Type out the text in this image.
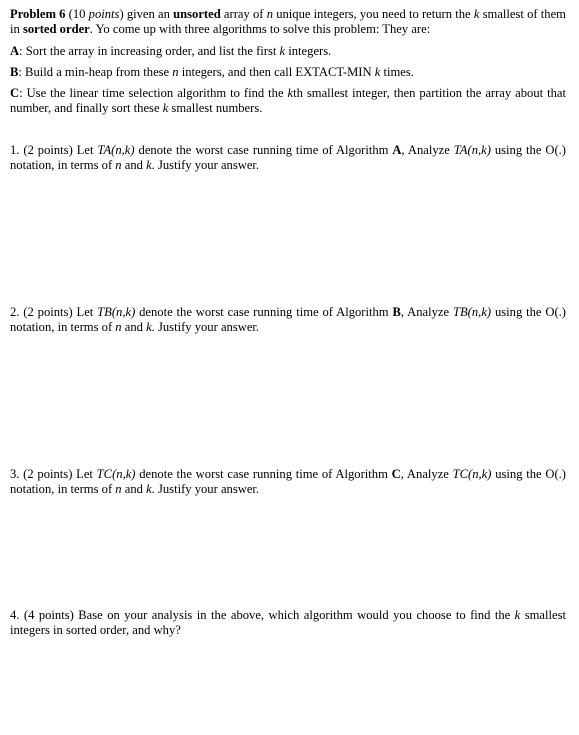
Problem 6 (10 points) given an unsorted array of n unique integers, you need to return the k smallest of them in sorted order. Yo come up with three algorithms to solve this problem: They are:

A: Sort the array in increasing order, and list the first k integers.

B: Build a min-heap from these n integers, and then call EXTACT-MIN k times.

C: Use the linear time selection algorithm to find the kth smallest integer, then partition the array about that number, and finally sort these k smallest numbers.

1. (2 points) Let TA(n,k) denote the worst case running time of Algorithm A, Analyze TA(n,k) using the O(.) notation, in terms of n and k. Justify your answer.

2. (2 points) Let TB(n,k) denote the worst case running time of Algorithm B, Analyze TB(n,k) using the O(.) notation, in terms of n and k. Justify your answer.

3. (2 points) Let TC(n,k) denote the worst case running time of Algorithm C, Analyze TC(n,k) using the O(.) notation, in terms of n and k. Justify your answer.

4. (4 points) Base on your analysis in the above, which algorithm would you choose to find the k smallest integers in sorted order, and why?
